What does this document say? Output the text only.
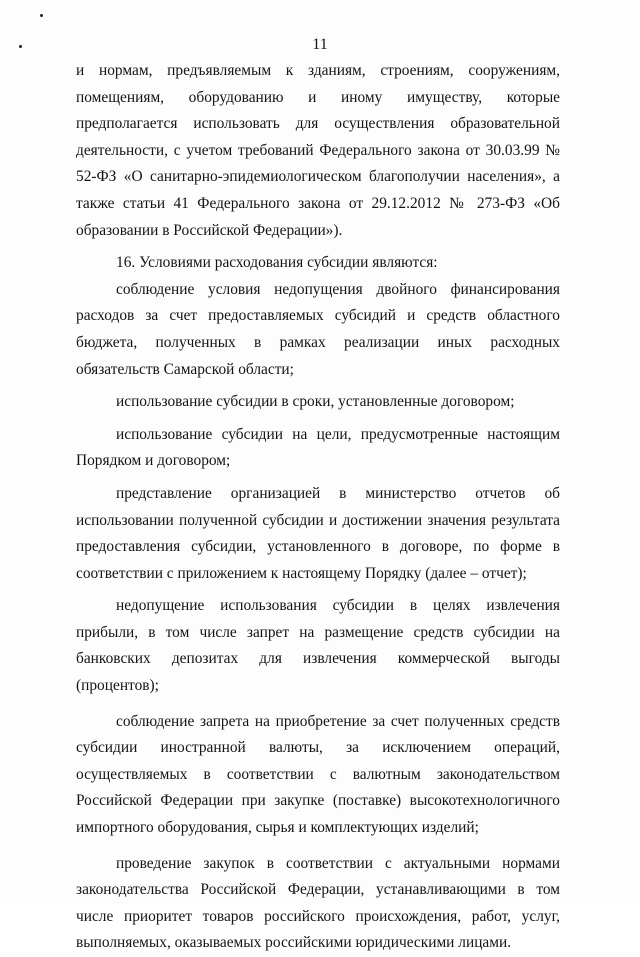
11

и нормам, предъявляемым к зданиям, строениям, сооружениям, помещениям, оборудованию и иному имуществу, которые предполагается использовать для осуществления образовательной деятельности, с учетом требований Федерального закона от 30.03.99 № 52-ФЗ «О санитарно-эпидемиологическом благополучии населения», а также статьи 41 Федерального закона от 29.12.2012 № 273-ФЗ «Об образовании в Российской Федерации»).

16. Условиями расходования субсидии являются:

соблюдение условия недопущения двойного финансирования расходов за счет предоставляемых субсидий и средств областного бюджета, полученных в рамках реализации иных расходных обязательств Самарской области;

использование субсидии в сроки, установленные договором;

использование субсидии на цели, предусмотренные настоящим Порядком и договором;

представление организацией в министерство отчетов об использовании полученной субсидии и достижении значения результата предоставления субсидии, установленного в договоре, по форме в соответствии с приложением к настоящему Порядку (далее – отчет);

недопущение использования субсидии в целях извлечения прибыли, в том числе запрет на размещение средств субсидии на банковских депозитах для извлечения коммерческой выгоды (процентов);

соблюдение запрета на приобретение за счет полученных средств субсидии иностранной валюты, за исключением операций, осуществляемых в соответствии с валютным законодательством Российской Федерации при закупке (поставке) высокотехнологичного импортного оборудования, сырья и комплектующих изделий;

проведение закупок в соответствии с актуальными нормами законодательства Российской Федерации, устанавливающими в том числе приоритет товаров российского происхождения, работ, услуг, выполняемых, оказываемых российскими юридическими лицами.
